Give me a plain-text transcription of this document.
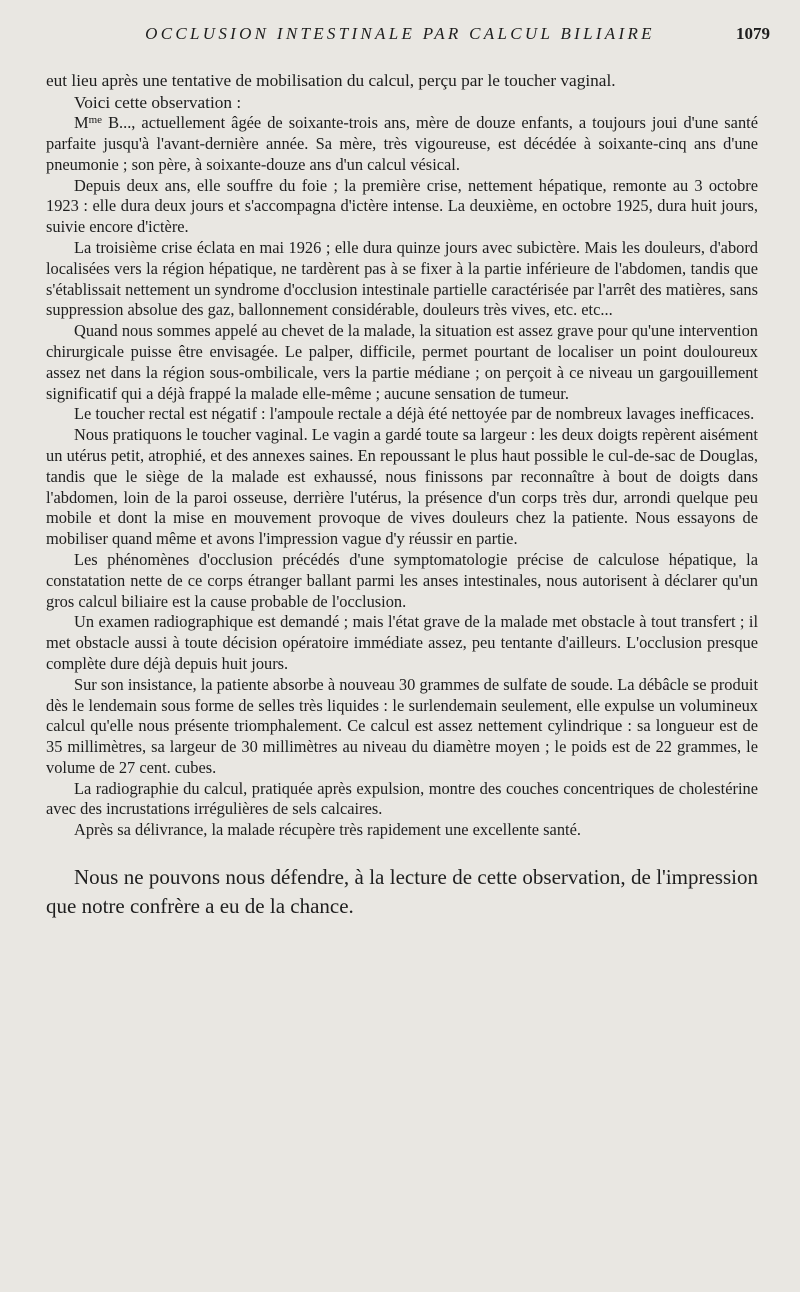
OCCLUSION INTESTINALE PAR CALCUL BILIAIRE	1079

eut lieu après une tentative de mobilisation du calcul, perçu par le toucher vaginal.

Voici cette observation :

$M^{me}$ B..., actuellement âgée de soixante-trois ans, mère de douze enfants, a toujours joui d'une santé parfaite jusqu'à l'avant-dernière année. Sa mère, très vigoureuse, est décédée à soixante-cinq ans d'une pneumonie ; son père, à soixante-douze ans d'un calcul vésical.

Depuis deux ans, elle souffre du foie ; la première crise, nettement hépatique, remonte au 3 octobre 1923 : elle dura deux jours et s'accompagna d'ictère intense. La deuxième, en octobre 1925, dura huit jours, suivie encore d'ictère.

La troisième crise éclata en mai 1926 ; elle dura quinze jours avec subictère. Mais les douleurs, d'abord localisées vers la région hépatique, ne tardèrent pas à se fixer à la partie inférieure de l'abdomen, tandis que s'établissait nettement un syndrome d'occlusion intestinale partielle caractérisée par l'arrêt des matières, sans suppression absolue des gaz, ballonnement considérable, douleurs très vives, etc. etc...

Quand nous sommes appelé au chevet de la malade, la situation est assez grave pour qu'une intervention chirurgicale puisse être envisagée. Le palper, difficile, permet pourtant de localiser un point douloureux assez net dans la région sous-ombilicale, vers la partie médiane ; on perçoit à ce niveau un gargouillement significatif qui a déjà frappé la malade elle-même ; aucune sensation de tumeur.

Le toucher rectal est négatif : l'ampoule rectale a déjà été nettoyée par de nombreux lavages inefficaces.

Nous pratiquons le toucher vaginal. Le vagin a gardé toute sa largeur : les deux doigts repèrent aisément un utérus petit, atrophié, et des annexes saines. En repoussant le plus haut possible le cul-de-sac de Douglas, tandis que le siège de la malade est exhaussé, nous finissons par reconnaître à bout de doigts dans l'abdomen, loin de la paroi osseuse, derrière l'utérus, la présence d'un corps très dur, arrondi quelque peu mobile et dont la mise en mouvement provoque de vives douleurs chez la patiente. Nous essayons de mobiliser quand même et avons l'impression vague d'y réussir en partie.

Les phénomènes d'occlusion précédés d'une symptomatologie précise de calculose hépatique, la constatation nette de ce corps étranger ballant parmi les anses intestinales, nous autorisent à déclarer qu'un gros calcul biliaire est la cause probable de l'occlusion.

Un examen radiographique est demandé ; mais l'état grave de la malade met obstacle à tout transfert ; il met obstacle aussi à toute décision opératoire immédiate assez, peu tentante d'ailleurs. L'occlusion presque complète dure déjà depuis huit jours.

Sur son insistance, la patiente absorbe à nouveau 30 grammes de sulfate de soude. La débâcle se produit dès le lendemain sous forme de selles très liquides : le surlendemain seulement, elle expulse un volumineux calcul qu'elle nous présente triomphalement. Ce calcul est assez nettement cylindrique : sa longueur est de 35 millimètres, sa largeur de 30 millimètres au niveau du diamètre moyen ; le poids est de 22 grammes, le volume de 27 cent. cubes.

La radiographie du calcul, pratiquée après expulsion, montre des couches concentriques de cholestérine avec des incrustations irrégulières de sels calcaires.

Après sa délivrance, la malade récupère très rapidement une excellente santé.

Nous ne pouvons nous défendre, à la lecture de cette observation, de l'impression que notre confrère a eu de la chance.
